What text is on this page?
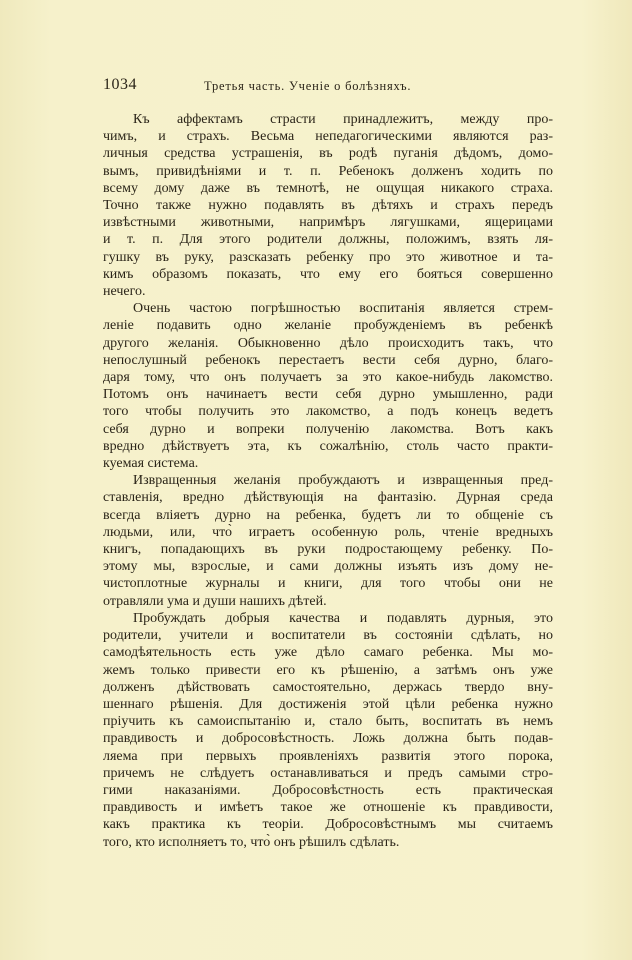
1034	Третья часть. Ученіе о болѣзняхъ.

Къ аффектамъ страсти принадлежитъ, между про-
чимъ, и страхъ. Весьма непедагогическими являются раз-
личныя средства устрашенія, въ родѣ пуганія дѣдомъ, домо-
вымъ, привидѣніями и т. п. Ребенокъ долженъ ходить по
всему дому даже въ темнотѣ, не ощущая никакого страха.
Точно также нужно подавлять въ дѣтяхъ и страхъ передъ
извѣстными животными, напримѣръ лягушками, ящерицами
и т. п. Для этого родители должны, положимъ, взять ля-
гушку въ руку, разсказать ребенку про это животное и та-
кимъ образомъ показать, что ему его бояться совершенно
нечего.

Очень частою погрѣшностью воспитанія является стрем-
леніе подавить одно желаніе пробужденіемъ въ ребенкѣ
другого желанія. Обыкновенно дѣло происходитъ такъ, что
непослушный ребенокъ перестаетъ вести себя дурно, благо-
даря тому, что онъ получаетъ за это какое-нибудь лакомство.
Потомъ онъ начинаетъ вести себя дурно умышленно, ради
того чтобы получить это лакомство, а подъ конецъ ведетъ
себя дурно и вопреки полученію лакомства. Вотъ какъ
вредно дѣйствуетъ эта, къ сожалѣнію, столь часто практи-
куемая система.

Извращенныя желанія пробуждаютъ и извращенныя пред-
ставленія, вредно дѣйствующія на фантазію. Дурная среда
всегда вліяетъ дурно на ребенка, будетъ ли то общеніе съ
людьми, или, что̀ играетъ особенную роль, чтеніе вредныхъ
книгъ, попадающихъ въ руки подростающему ребенку. По-
этому мы, взрослые, и сами должны изъять изъ дому не-
чистоплотные журналы и книги, для того чтобы они не
отравляли ума и души нашихъ дѣтей.

Пробуждать добрыя качества и подавлять дурныя, это
родители, учители и воспитатели въ состояніи сдѣлать, но
самодѣятельность есть уже дѣло самаго ребенка. Мы мо-
жемъ только привести его къ рѣшенію, а затѣмъ онъ уже
долженъ дѣйствовать самостоятельно, держась твердо вну-
шеннаго рѣшенія. Для достиженія этой цѣли ребенка нужно
пріучить къ самоиспытанію и, стало быть, воспитать въ немъ
правдивость и добросовѣстность. Ложь должна быть подав-
ляема при первыхъ проявленіяхъ развитія этого порока,
причемъ не слѣдуетъ останавливаться и предъ самыми стро-
гими наказаніями. Добросовѣстность есть практическая
правдивость и имѣетъ такое же отношеніе къ правдивости,
какъ практика къ теоріи. Добросовѣстнымъ мы считаемъ
того, кто исполняетъ то, что̀ онъ рѣшилъ сдѣлать.
